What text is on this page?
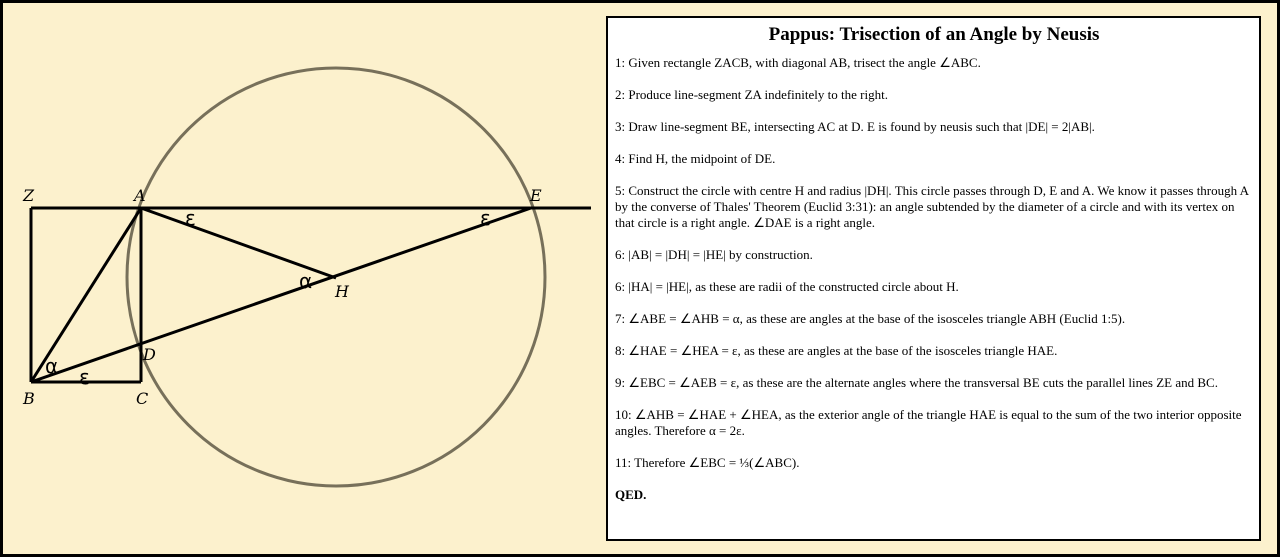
Z	A	E
H
D
B	C
α ε
ε
α
ε
Pappus: Trisection of an Angle by Neusis
1: Given rectangle ZACB, with diagonal AB, trisect the angle ∠ABC.
2: Produce line-segment ZA indefinitely to the right.
3: Draw line-segment BE, intersecting AC at D. E is found by neusis such that |DE| = 2|AB|.
4: Find H, the midpoint of DE.
5: Construct the circle with centre H and radius |DH|. This circle passes through D, E and A. We know it passes through A by the converse of Thales' Theorem (Euclid 3:31): an angle subtended by the diameter of a circle and with its vertex on that circle is a right angle. ∠DAE is a right angle.
6: |AB| = |DH| = |HE| by construction.
6: |HA| = |HE|, as these are radii of the constructed circle about H.
7: ∠ABE = ∠AHB = α, as these are angles at the base of the isosceles triangle ABH (Euclid 1:5).
8: ∠HAE = ∠HEA = ε, as these are angles at the base of the isosceles triangle HAE.
9: ∠EBC = ∠AEB = ε, as these are the alternate angles where the transversal BE cuts the parallel lines ZE and BC.
10: ∠AHB = ∠HAE + ∠HEA, as the exterior angle of the triangle HAE is equal to the sum of the two interior opposite angles. Therefore α = 2ε.
11: Therefore ∠EBC = ⅓(∠ABC).
QED.
